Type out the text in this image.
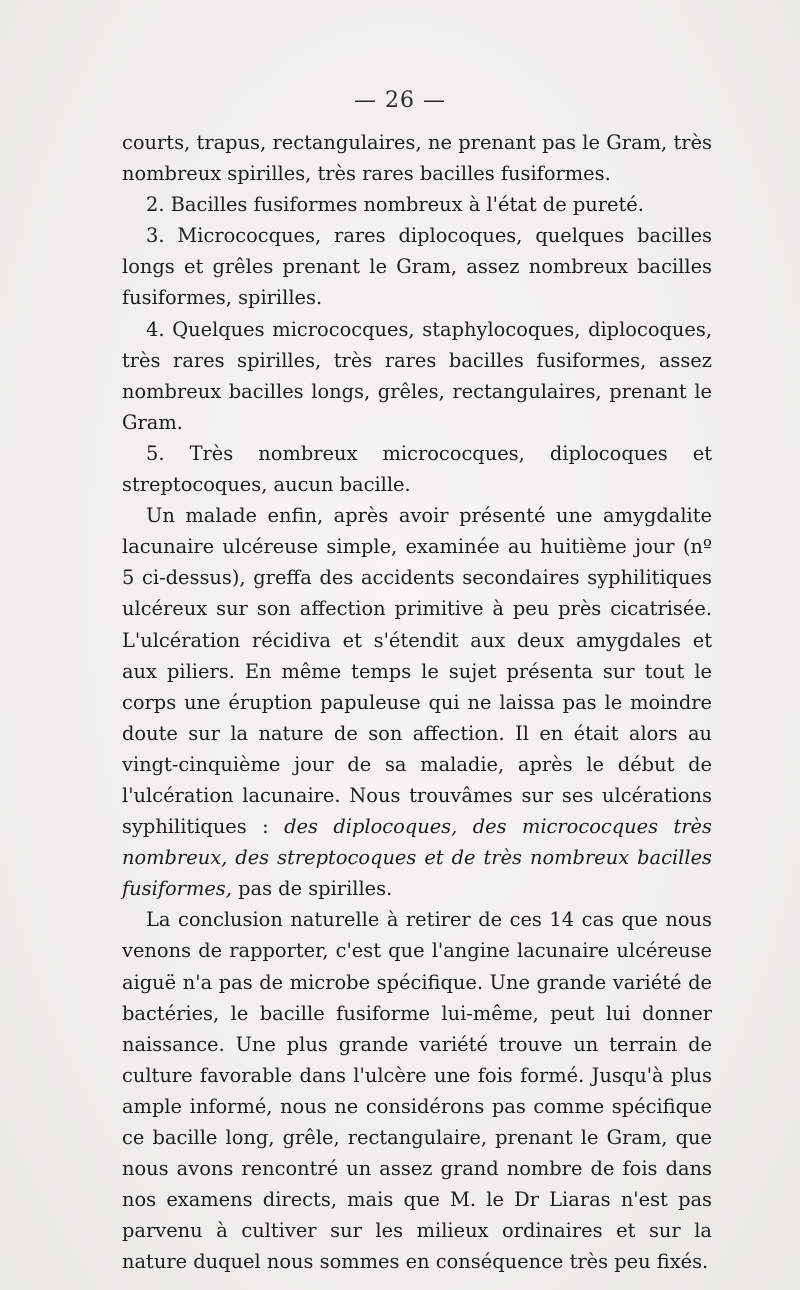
— 26 —

courts, trapus, rectangulaires, ne prenant pas le Gram, très nombreux spirilles, très rares bacilles fusiformes.

2. Bacilles fusiformes nombreux à l'état de pureté.

3. Micrococques, rares diplocoques, quelques bacilles longs et grêles prenant le Gram, assez nombreux bacilles fusiformes, spirilles.

4. Quelques micrococques, staphylocoques, diplocoques, très rares spirilles, très rares bacilles fusiformes, assez nombreux bacilles longs, grêles, rectangulaires, prenant le Gram.

5. Très nombreux micrococques, diplocoques et streptocoques, aucun bacille.

Un malade enfin, après avoir présenté une amygdalite lacunaire ulcéreuse simple, examinée au huitième jour (nº 5 ci-dessus), greffa des accidents secondaires syphilitiques ulcéreux sur son affection primitive à peu près cicatrisée. L'ulcération récidiva et s'étendit aux deux amygdales et aux piliers. En même temps le sujet présenta sur tout le corps une éruption papuleuse qui ne laissa pas le moindre doute sur la nature de son affection. Il en était alors au vingt-cinquième jour de sa maladie, après le début de l'ulcération lacunaire. Nous trouvâmes sur ses ulcérations syphilitiques : des diplocoques, des micrococques très nombreux, des streptocoques et de très nombreux bacilles fusiformes, pas de spirilles.

La conclusion naturelle à retirer de ces 14 cas que nous venons de rapporter, c'est que l'angine lacunaire ulcéreuse aiguë n'a pas de microbe spécifique. Une grande variété de bactéries, le bacille fusiforme lui-même, peut lui donner naissance. Une plus grande variété trouve un terrain de culture favorable dans l'ulcère une fois formé. Jusqu'à plus ample informé, nous ne considérons pas comme spécifique ce bacille long, grêle, rectangulaire, prenant le Gram, que nous avons rencontré un assez grand nombre de fois dans nos examens directs, mais que M. le Dr Liaras n'est pas parvenu à cultiver sur les milieux ordinaires et sur la nature duquel nous sommes en conséquence très peu fixés.
